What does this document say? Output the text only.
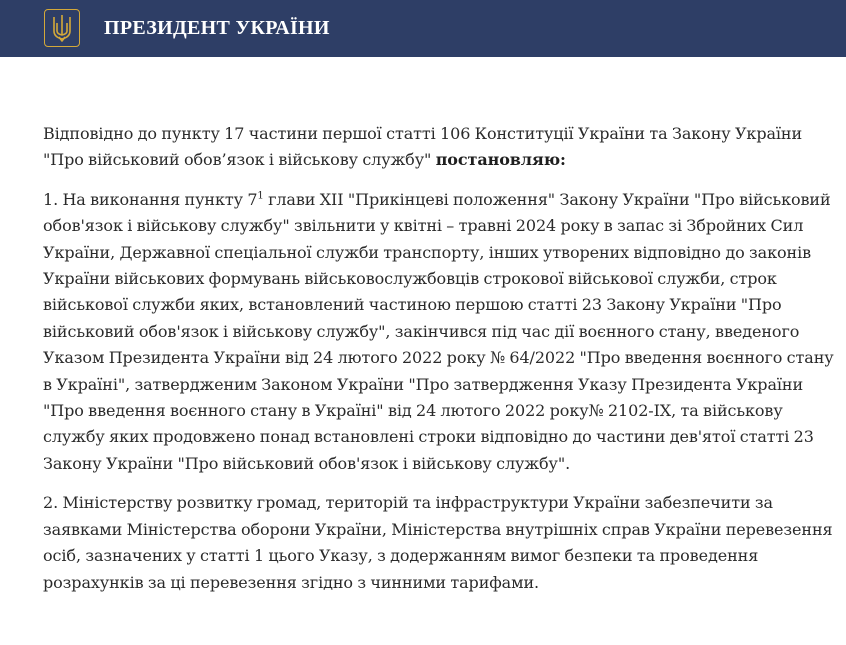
ПРЕЗИДЕНТ УКРАЇНИ

Відповідно до пункту 17 частини першої статті 106 Конституції України та Закону України "Про військовий обов’язок і військову службу" постановляю:

1. На виконання пункту $7^1$ глави XII "Прикінцеві положення" Закону України "Про військовий обов'язок і військову службу" звільнити у квітні – травні 2024 року в запас зі Збройних Сил України, Державної спеціальної служби транспорту, інших утворених відповідно до законів України військових формувань військовослужбовців строкової військової служби, строк військової служби яких, встановлений частиною першою статті 23 Закону України "Про військовий обов'язок і військову службу", закінчився під час дії воєнного стану, введеного Указом Президента України від 24 лютого 2022 року № 64/2022 "Про введення воєнного стану в Україні", затвердженим Законом України "Про затвердження Указу Президента України "Про введення воєнного стану в Україні" від 24 лютого 2022 року№ 2102-IX, та військову службу яких продовжено понад встановлені строки відповідно до частини дев'ятої статті 23 Закону України "Про військовий обов'язок і військову службу".

2. Міністерству розвитку громад, територій та інфраструктури України забезпечити за заявками Міністерства оборони України, Міністерства внутрішніх справ України перевезення осіб, зазначених у статті 1 цього Указу, з додержанням вимог безпеки та проведення розрахунків за ці перевезення згідно з чинними тарифами.
